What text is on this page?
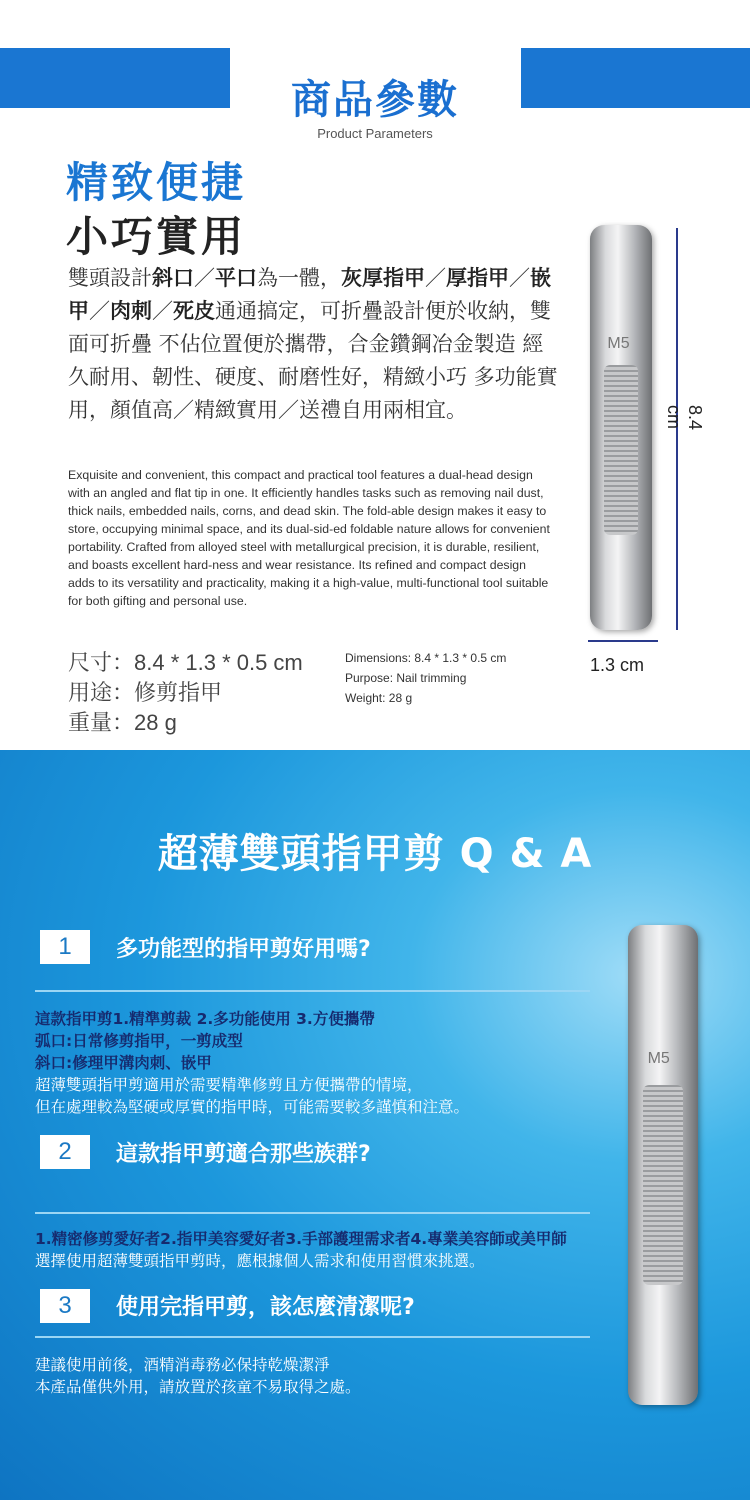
商品參數
Product Parameters
精致便捷
小巧實用
雙頭設計斜口／平口為一體，灰厚指甲／厚指甲／嵌甲／肉刺／死皮通通搞定，可折疊設計便於收納，雙面可折疊 不佔位置便於攜帶，合金鑽鋼冶金製造 經久耐用、韌性、硬度、耐磨性好，精緻小巧 多功能實用，顏值高／精緻實用／送禮自用兩相宜。
Exquisite and convenient, this compact and practical tool features a dual-head design with an angled and flat tip in one. It efficiently handles tasks such as removing nail dust, thick nails, embedded nails, corns, and dead skin. The fold-able design makes it easy to store, occupying minimal space, and its dual-sid-ed foldable nature allows for convenient portability. Crafted from alloyed steel with metallurgical precision, it is durable, resilient, and boasts excellent hard-ness and wear resistance. Its refined and compact design adds to its versatility and practicality, making it a high-value, multi-functional tool suitable for both gifting and personal use.
尺寸：8.4 * 1.3 * 0.5 cm
用途：修剪指甲
重量：28 g
Dimensions: 8.4 * 1.3 * 0.5 cm
Purpose: Nail trimming
Weight: 28 g
M5
8.4 cm
1.3 cm
超薄雙頭指甲剪 Q & A
1	多功能型的指甲剪好用嗎?
這款指甲剪1.精準剪裁 2.多功能使用 3.方便攜帶
弧口:日常修剪指甲，一剪成型
斜口:修理甲溝肉刺、嵌甲
超薄雙頭指甲剪適用於需要精準修剪且方便攜帶的情境，
但在處理較為堅硬或厚實的指甲時，可能需要較多謹慎和注意。
2	這款指甲剪適合那些族群?
1.精密修剪愛好者2.指甲美容愛好者3.手部護理需求者4.專業美容師或美甲師
選擇使用超薄雙頭指甲剪時，應根據個人需求和使用習慣來挑選。
3	使用完指甲剪，該怎麼清潔呢?
建議使用前後，酒精消毒務必保持乾燥潔淨
本產品僅供外用，請放置於孩童不易取得之處。
M5
